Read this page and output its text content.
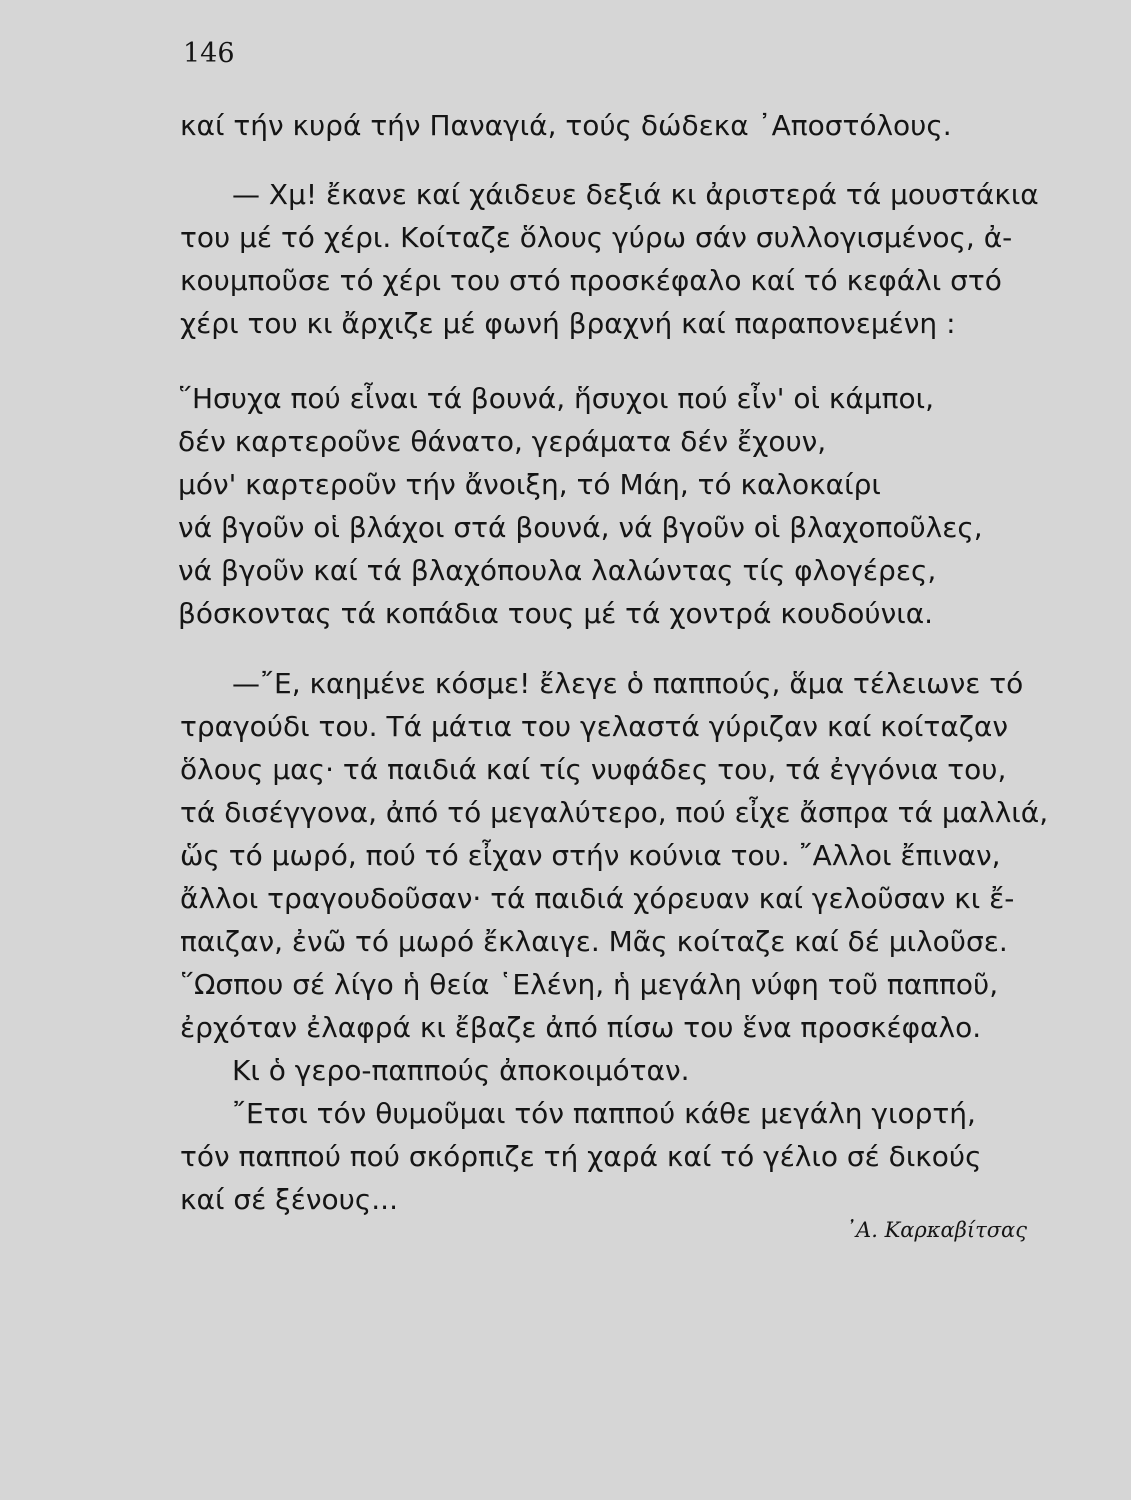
146
καί τήν κυρά τήν Παναγιά, τούς δώδεκα ᾿Αποστόλους.
— Χμ! ἔκανε καί χάιδευε δεξιά κι ἀριστερά τά μουστάκια
του μέ τό χέρι. Κοίταζε ὅλους γύρω σάν συλλογισμένος, ἀ-
κουμποῦσε τό χέρι του στό προσκέφαλο καί τό κεφάλι στό
χέρι του κι ἄρχιζε μέ φωνή βραχνή καί παραπονεμένη :
῞Ησυχα πού εἶναι τά βουνά, ἥσυχοι πού εἶν' οἱ κάμποι,
δέν καρτεροῦνε θάνατο, γεράματα δέν ἔχουν,
μόν' καρτεροῦν τήν ἄνοιξη, τό Μάη, τό καλοκαίρι
νά βγοῦν οἱ βλάχοι στά βουνά, νά βγοῦν οἱ βλαχοποῦλες,
νά βγοῦν καί τά βλαχόπουλα λαλώντας τίς φλογέρες,
βόσκοντας τά κοπάδια τους μέ τά χοντρά κουδούνια.
—῎Ε, καημένε κόσμε! ἔλεγε ὁ παππούς, ἅμα τέλειωνε τό
τραγούδι του. Τά μάτια του γελαστά γύριζαν καί κοίταζαν
ὅλους μας· τά παιδιά καί τίς νυφάδες του, τά ἐγγόνια του,
τά δισέγγονα, ἀπό τό μεγαλύτερο, πού εἶχε ἄσπρα τά μαλλιά,
ὥς τό μωρό, πού τό εἶχαν στήν κούνια του. ῎Αλλοι ἔπιναν,
ἄλλοι τραγουδοῦσαν· τά παιδιά χόρευαν καί γελοῦσαν κι ἔ-
παιζαν, ἐνῶ τό μωρό ἔκλαιγε. Μᾶς κοίταζε καί δέ μιλοῦσε.
῞Ωσπου σέ λίγο ἡ θεία ῾Ελένη, ἡ μεγάλη νύφη τοῦ παπποῦ,
ἐρχόταν ἐλαφρά κι ἔβαζε ἀπό πίσω του ἕνα προσκέφαλο.
Κι ὁ γερο-παππούς ἀποκοιμόταν.
῎Ετσι τόν θυμοῦμαι τόν παππού κάθε μεγάλη γιορτή,
τόν παππού πού σκόρπιζε τή χαρά καί τό γέλιο σέ δικούς
καί σέ ξένους...
᾿Α. Καρκαβίτσας
